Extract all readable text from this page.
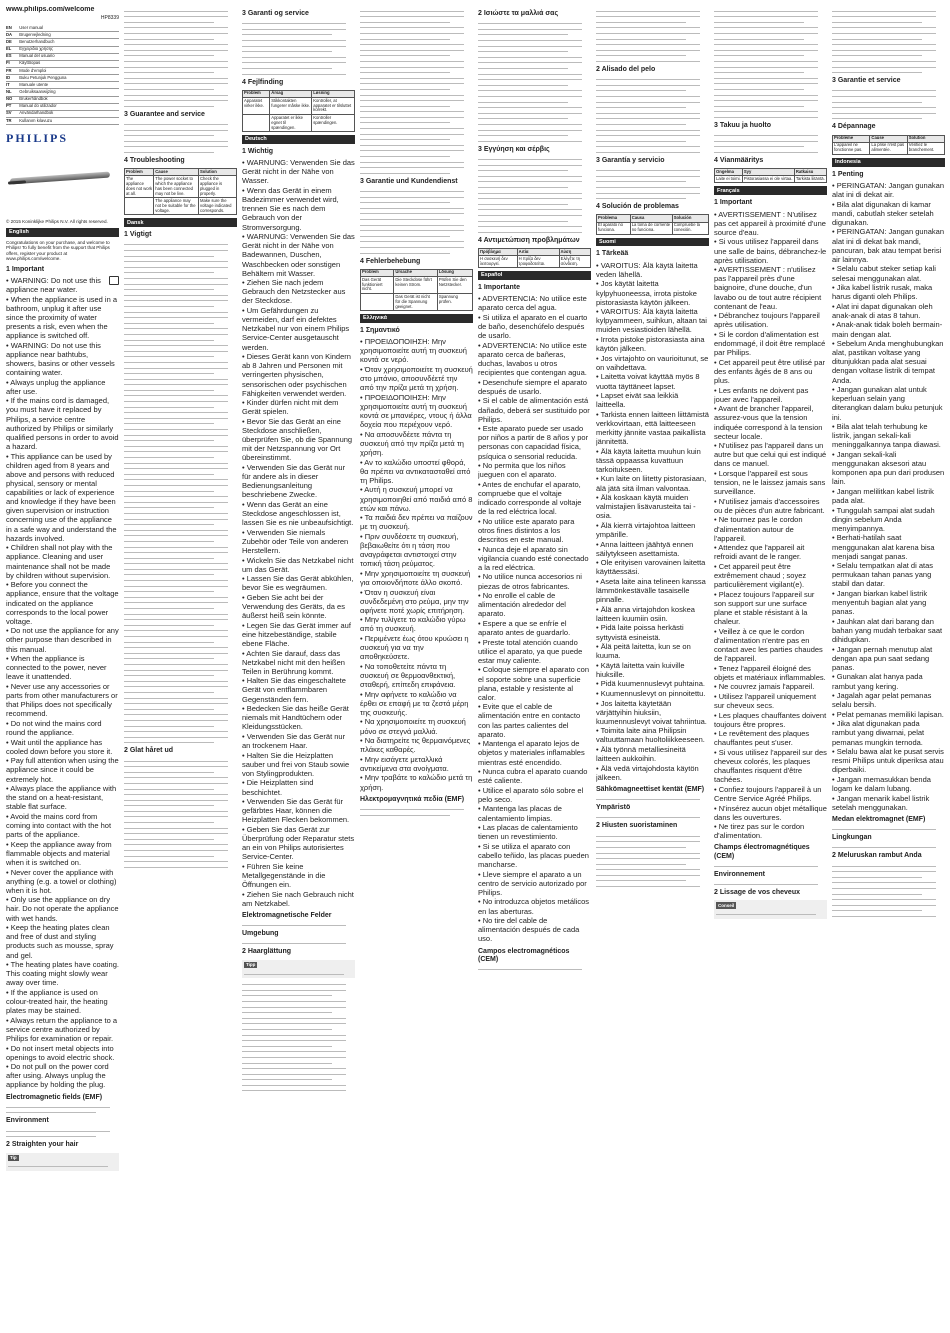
www.philips.com/welcome
HP8339
EN	User manual
DA	Brugervejledning
DE	Benutzerhandbuch
EL	Εγχειρίδιο χρήσης
ES	Manual del usuario
FI	Käyttöopas
FR	Mode d'emploi
ID	Buku Petunjuk Pengguna
IT	Manuale utente
NL	Gebruiksaanwijzing
NO	Brukerhåndbok
PT	Manual do utilizador
SV	Användarhandbok
TR	Kullanım kılavuzu
PHILIPS
© 2015 Koninklijke Philips N.V. All rights reserved.
English

Congratulations on your purchase, and welcome to Philips! To fully benefit from the support that Philips offers, register your product at www.philips.com/welcome.

1 Important

• WARNING: Do not use this appliance near water.

• When the appliance is used in a bathroom, unplug it after use since the proximity of water presents a risk, even when the appliance is switched off.

• WARNING: Do not use this appliance near bathtubs, showers, basins or other vessels containing water.

• Always unplug the appliance after use.

• If the mains cord is damaged, you must have it replaced by Philips, a service centre authorized by Philips or similarly qualified persons in order to avoid a hazard.

• This appliance can be used by children aged from 8 years and above and persons with reduced physical, sensory or mental capabilities or lack of experience and knowledge if they have been given supervision or instruction concerning use of the appliance in a safe way and understand the hazards involved.

• Children shall not play with the appliance. Cleaning and user maintenance shall not be made by children without supervision.

• Before you connect the appliance, ensure that the voltage indicated on the appliance corresponds to the local power voltage.

• Do not use the appliance for any other purpose than described in this manual.

• When the appliance is connected to the power, never leave it unattended.

• Never use any accessories or parts from other manufacturers or that Philips does not specifically recommend.

• Do not wind the mains cord round the appliance.

• Wait until the appliance has cooled down before you store it.

• Pay full attention when using the appliance since it could be extremely hot.

• Always place the appliance with the stand on a heat-resistant, stable flat surface.

• Avoid the mains cord from coming into contact with the hot parts of the appliance.

• Keep the appliance away from flammable objects and material when it is switched on.

• Never cover the appliance with anything (e.g. a towel or clothing) when it is hot.

• Only use the appliance on dry hair. Do not operate the appliance with wet hands.

• Keep the heating plates clean and free of dust and styling products such as mousse, spray and gel.

• The heating plates have coating. This coating might slowly wear away over time.

• If the appliance is used on colour-treated hair, the heating plates may be stained.

• Always return the appliance to a service centre authorized by Philips for examination or repair.

• Do not insert metal objects into openings to avoid electric shock.

• Do not pull on the power cord after using. Always unplug the appliance by holding the plug.

Electromagnetic fields (EMF)
Environment
2 Straighten your hair
Tip
3 Guarantee and service
4 Troubleshooting
Problem	Cause	Solution
The appliance does not work at all.	The power socket to which the appliance has been connected may not be live.	Check the appliance is plugged in properly.
	The appliance may not be suitable for the voltage.	Make sure the voltage indicated corresponds.
Dansk
1 Vigtigt
2 Glat håret ud
3 Garanti og service
4 Fejlfinding
Problem	Årsag	Løsning
Apparatet virker ikke.	Stikkontakten fungerer måske ikke.	Kontroller, at apparatet er tilsluttet korrekt.
	Apparatet er ikke egnet til spændingen.	Kontroller spændingen.
Deutsch
1 Wichtig

• WARNUNG: Verwenden Sie das Gerät nicht in der Nähe von Wasser.

• Wenn das Gerät in einem Badezimmer verwendet wird, trennen Sie es nach dem Gebrauch von der Stromversorgung.

• WARNUNG: Verwenden Sie das Gerät nicht in der Nähe von Badewannen, Duschen, Waschbecken oder sonstigen Behältern mit Wasser.

• Ziehen Sie nach jedem Gebrauch den Netzstecker aus der Steckdose.

• Um Gefährdungen zu vermeiden, darf ein defektes Netzkabel nur von einem Philips Service-Center ausgetauscht werden.

• Dieses Gerät kann von Kindern ab 8 Jahren und Personen mit verringerten physischen, sensorischen oder psychischen Fähigkeiten verwendet werden.

• Kinder dürfen nicht mit dem Gerät spielen.

• Bevor Sie das Gerät an eine Steckdose anschließen, überprüfen Sie, ob die Spannung mit der Netzspannung vor Ort übereinstimmt.

• Verwenden Sie das Gerät nur für andere als in dieser Bedienungsanleitung beschriebene Zwecke.

• Wenn das Gerät an eine Steckdose angeschlossen ist, lassen Sie es nie unbeaufsichtigt.

• Verwenden Sie niemals Zubehör oder Teile von anderen Herstellern.

• Wickeln Sie das Netzkabel nicht um das Gerät.

• Lassen Sie das Gerät abkühlen, bevor Sie es wegräumen.

• Geben Sie acht bei der Verwendung des Geräts, da es äußerst heiß sein könnte.

• Legen Sie das Gerät immer auf eine hitzebeständige, stabile ebene Fläche.

• Achten Sie darauf, dass das Netzkabel nicht mit den heißen Teilen in Berührung kommt.

• Halten Sie das eingeschaltete Gerät von entflammbaren Gegenständen fern.

• Bedecken Sie das heiße Gerät niemals mit Handtüchern oder Kleidungsstücken.

• Verwenden Sie das Gerät nur an trockenem Haar.

• Halten Sie die Heizplatten sauber und frei von Staub sowie von Stylingprodukten.

• Die Heizplatten sind beschichtet.

• Verwenden Sie das Gerät für gefärbtes Haar, können die Heizplatten Flecken bekommen.

• Geben Sie das Gerät zur Überprüfung oder Reparatur stets an ein von Philips autorisiertes Service-Center.

• Führen Sie keine Metallgegenstände in die Öffnungen ein.

• Ziehen Sie nach Gebrauch nicht am Netzkabel.

Elektromagnetische Felder
Umgebung
2 Haarglättung
Tipp
3 Garantie und Kundendienst
4 Fehlerbehebung
Problem	Ursache	Lösung
Das Gerät funktioniert nicht.	Die Steckdose führt keinen Strom.	Prüfen Sie den Netzstecker.
	Das Gerät ist nicht für die Spannung geeignet.	Spannung prüfen.
Ελληνικά
1 Σημαντικό

• ΠΡΟΕΙΔΟΠΟΙΗΣΗ: Μην χρησιμοποιείτε αυτή τη συσκευή κοντά σε νερό.

• Όταν χρησιμοποιείτε τη συσκευή στο μπάνιο, αποσυνδέετέ την από την πρίζα μετά τη χρήση.

• ΠΡΟΕΙΔΟΠΟΙΗΣΗ: Μην χρησιμοποιείτε αυτή τη συσκευή κοντά σε μπανιέρες, ντους ή άλλα δοχεία που περιέχουν νερό.

• Να αποσυνδέετε πάντα τη συσκευή από την πρίζα μετά τη χρήση.

• Αν το καλώδιο υποστεί φθορά, θα πρέπει να αντικατασταθεί από τη Philips.

• Αυτή η συσκευή μπορεί να χρησιμοποιηθεί από παιδιά από 8 ετών και πάνω.

• Τα παιδιά δεν πρέπει να παίζουν με τη συσκευή.

• Πριν συνδέσετε τη συσκευή, βεβαιωθείτε ότι η τάση που αναγράφεται αντιστοιχεί στην τοπική τάση ρεύματος.

• Μην χρησιμοποιείτε τη συσκευή για οποιονδήποτε άλλο σκοπό.

• Όταν η συσκευή είναι συνδεδεμένη στο ρεύμα, μην την αφήνετε ποτέ χωρίς επιτήρηση.

• Μην τυλίγετε το καλώδιο γύρω από τη συσκευή.

• Περιμένετε έως ότου κρυώσει η συσκευή για να την αποθηκεύσετε.

• Να τοποθετείτε πάντα τη συσκευή σε θερμοανθεκτική, σταθερή, επίπεδη επιφάνεια.

• Μην αφήνετε το καλώδιο να έρθει σε επαφή με τα ζεστά μέρη της συσκευής.

• Να χρησιμοποιείτε τη συσκευή μόνο σε στεγνά μαλλιά.

• Να διατηρείτε τις θερμαινόμενες πλάκες καθαρές.

• Μην εισάγετε μεταλλικά αντικείμενα στα ανοίγματα.

• Μην τραβάτε το καλώδιο μετά τη χρήση.

Ηλεκτρομαγνητικά πεδία (EMF)
2 Ισιώστε τα μαλλιά σας
3 Εγγύηση και σέρβις
4 Αντιμετώπιση προβλημάτων
Πρόβλημα	Αιτία	Λύση
Η συσκευή δεν λειτουργεί.	Η πρίζα δεν τροφοδοτείται.	Ελέγξτε τη σύνδεση.
Español
1 Importante

• ADVERTENCIA: No utilice este aparato cerca del agua.

• Si utiliza el aparato en el cuarto de baño, desenchúfelo después de usarlo.

• ADVERTENCIA: No utilice este aparato cerca de bañeras, duchas, lavabos u otros recipientes que contengan agua.

• Desenchufe siempre el aparato después de usarlo.

• Si el cable de alimentación está dañado, deberá ser sustituido por Philips.

• Este aparato puede ser usado por niños a partir de 8 años y por personas con capacidad física, psíquica o sensorial reducida.

• No permita que los niños jueguen con el aparato.

• Antes de enchufar el aparato, compruebe que el voltaje indicado corresponde al voltaje de la red eléctrica local.

• No utilice este aparato para otros fines distintos a los descritos en este manual.

• Nunca deje el aparato sin vigilancia cuando esté conectado a la red eléctrica.

• No utilice nunca accesorios ni piezas de otros fabricantes.

• No enrolle el cable de alimentación alrededor del aparato.

• Espere a que se enfríe el aparato antes de guardarlo.

• Preste total atención cuando utilice el aparato, ya que puede estar muy caliente.

• Coloque siempre el aparato con el soporte sobre una superficie plana, estable y resistente al calor.

• Evite que el cable de alimentación entre en contacto con las partes calientes del aparato.

• Mantenga el aparato lejos de objetos y materiales inflamables mientras esté encendido.

• Nunca cubra el aparato cuando esté caliente.

• Utilice el aparato sólo sobre el pelo seco.

• Mantenga las placas de calentamiento limpias.

• Las placas de calentamiento tienen un revestimiento.

• Si se utiliza el aparato con cabello teñido, las placas pueden mancharse.

• Lleve siempre el aparato a un centro de servicio autorizado por Philips.

• No introduzca objetos metálicos en las aberturas.

• No tire del cable de alimentación después de cada uso.

Campos electromagnéticos (CEM)
2 Alisado del pelo
3 Garantía y servicio
4 Solución de problemas
Problema	Causa	Solución
El aparato no funciona.	La toma de corriente no funciona.	Compruebe la conexión.
Suomi
1 Tärkeää

• VAROITUS: Älä käytä laitetta veden lähellä.

• Jos käytät laitetta kylpyhuoneessa, irrota pistoke pistorasiasta käytön jälkeen.

• VAROITUS: Älä käytä laitetta kylpyammeen, suihkun, altaan tai muiden vesiastioiden lähellä.

• Irrota pistoke pistorasiasta aina käytön jälkeen.

• Jos virtajohto on vaurioitunut, se on vaihdettava.

• Laitetta voivat käyttää myös 8 vuotta täyttäneet lapset.

• Lapset eivät saa leikkiä laitteella.

• Tarkista ennen laitteen liittämistä verkkovirtaan, että laitteeseen merkitty jännite vastaa paikallista jännitettä.

• Älä käytä laitetta muuhun kuin tässä oppaassa kuvattuun tarkoitukseen.

• Kun laite on liitetty pistorasiaan, älä jätä sitä ilman valvontaa.

• Älä koskaan käytä muiden valmistajien lisävarusteita tai -osia.

• Älä kierrä virtajohtoa laitteen ympärille.

• Anna laitteen jäähtyä ennen säilytykseen asettamista.

• Ole erityisen varovainen laitetta käyttäessäsi.

• Aseta laite aina telineen kanssa lämmönkestävälle tasaiselle pinnalle.

• Älä anna virtajohdon koskea laitteen kuumiin osiin.

• Pidä laite poissa herkästi syttyvistä esineistä.

• Älä peitä laitetta, kun se on kuuma.

• Käytä laitetta vain kuiville hiuksille.

• Pidä kuumennuslevyt puhtaina.

• Kuumennuslevyt on pinnoitettu.

• Jos laitetta käytetään värjättyihin hiuksiin, kuumennuslevyt voivat tahriintua.

• Toimita laite aina Philipsin valtuuttamaan huoltoliikkeeseen.

• Älä työnnä metalliesineitä laitteen aukkoihin.

• Älä vedä virtajohdosta käytön jälkeen.

Sähkömagneettiset kentät (EMF)
Ympäristö
2 Hiusten suoristaminen
3 Takuu ja huolto
4 Vianmääritys
Ongelma	Syy	Ratkaisu
Laite ei toimi.	Pistorasiassa ei ole virtaa.	Tarkista liitäntä.
Français
1 Important

• AVERTISSEMENT : N'utilisez pas cet appareil à proximité d'une source d'eau.

• Si vous utilisez l'appareil dans une salle de bains, débranchez-le après utilisation.

• AVERTISSEMENT : n'utilisez pas l'appareil près d'une baignoire, d'une douche, d'un lavabo ou de tout autre récipient contenant de l'eau.

• Débranchez toujours l'appareil après utilisation.

• Si le cordon d'alimentation est endommagé, il doit être remplacé par Philips.

• Cet appareil peut être utilisé par des enfants âgés de 8 ans ou plus.

• Les enfants ne doivent pas jouer avec l'appareil.

• Avant de brancher l'appareil, assurez-vous que la tension indiquée correspond à la tension secteur locale.

• N'utilisez pas l'appareil dans un autre but que celui qui est indiqué dans ce manuel.

• Lorsque l'appareil est sous tension, ne le laissez jamais sans surveillance.

• N'utilisez jamais d'accessoires ou de pièces d'un autre fabricant.

• Ne tournez pas le cordon d'alimentation autour de l'appareil.

• Attendez que l'appareil ait refroidi avant de le ranger.

• Cet appareil peut être extrêmement chaud ; soyez particulièrement vigilant(e).

• Placez toujours l'appareil sur son support sur une surface plane et stable résistant à la chaleur.

• Veillez à ce que le cordon d'alimentation n'entre pas en contact avec les parties chaudes de l'appareil.

• Tenez l'appareil éloigné des objets et matériaux inflammables.

• Ne couvrez jamais l'appareil.

• Utilisez l'appareil uniquement sur cheveux secs.

• Les plaques chauffantes doivent toujours être propres.

• Le revêtement des plaques chauffantes peut s'user.

• Si vous utilisez l'appareil sur des cheveux colorés, les plaques chauffantes risquent d'être tachées.

• Confiez toujours l'appareil à un Centre Service Agréé Philips.

• N'insérez aucun objet métallique dans les ouvertures.

• Ne tirez pas sur le cordon d'alimentation.

Champs électromagnétiques (CEM)
Environnement
2 Lissage de vos cheveux
Conseil
3 Garantie et service
4 Dépannage
Problème	Cause	Solution
L'appareil ne fonctionne pas.	La prise n'est pas alimentée.	Vérifiez le branchement.
Indonesia
1 Penting

• PERINGATAN: Jangan gunakan alat ini di dekat air.

• Bila alat digunakan di kamar mandi, cabutlah steker setelah digunakan.

• PERINGATAN: Jangan gunakan alat ini di dekat bak mandi, pancuran, bak atau tempat berisi air lainnya.

• Selalu cabut steker setiap kali selesai menggunakan alat.

• Jika kabel listrik rusak, maka harus diganti oleh Philips.

• Alat ini dapat digunakan oleh anak-anak di atas 8 tahun.

• Anak-anak tidak boleh bermain-main dengan alat.

• Sebelum Anda menghubungkan alat, pastikan voltase yang ditunjukkan pada alat sesuai dengan voltase listrik di tempat Anda.

• Jangan gunakan alat untuk keperluan selain yang diterangkan dalam buku petunjuk ini.

• Bila alat telah terhubung ke listrik, jangan sekali-kali meninggalkannya tanpa diawasi.

• Jangan sekali-kali menggunakan aksesori atau komponen apa pun dari produsen lain.

• Jangan melilitkan kabel listrik pada alat.

• Tunggulah sampai alat sudah dingin sebelum Anda menyimpannya.

• Berhati-hatilah saat menggunakan alat karena bisa menjadi sangat panas.

• Selalu tempatkan alat di atas permukaan tahan panas yang stabil dan datar.

• Jangan biarkan kabel listrik menyentuh bagian alat yang panas.

• Jauhkan alat dari barang dan bahan yang mudah terbakar saat dihidupkan.

• Jangan pernah menutup alat dengan apa pun saat sedang panas.

• Gunakan alat hanya pada rambut yang kering.

• Jagalah agar pelat pemanas selalu bersih.

• Pelat pemanas memiliki lapisan.

• Jika alat digunakan pada rambut yang diwarnai, pelat pemanas mungkin ternoda.

• Selalu bawa alat ke pusat servis resmi Philips untuk diperiksa atau diperbaiki.

• Jangan memasukkan benda logam ke dalam lubang.

• Jangan menarik kabel listrik setelah menggunakan.

Medan elektromagnet (EMF)
Lingkungan
2 Meluruskan rambut Anda
